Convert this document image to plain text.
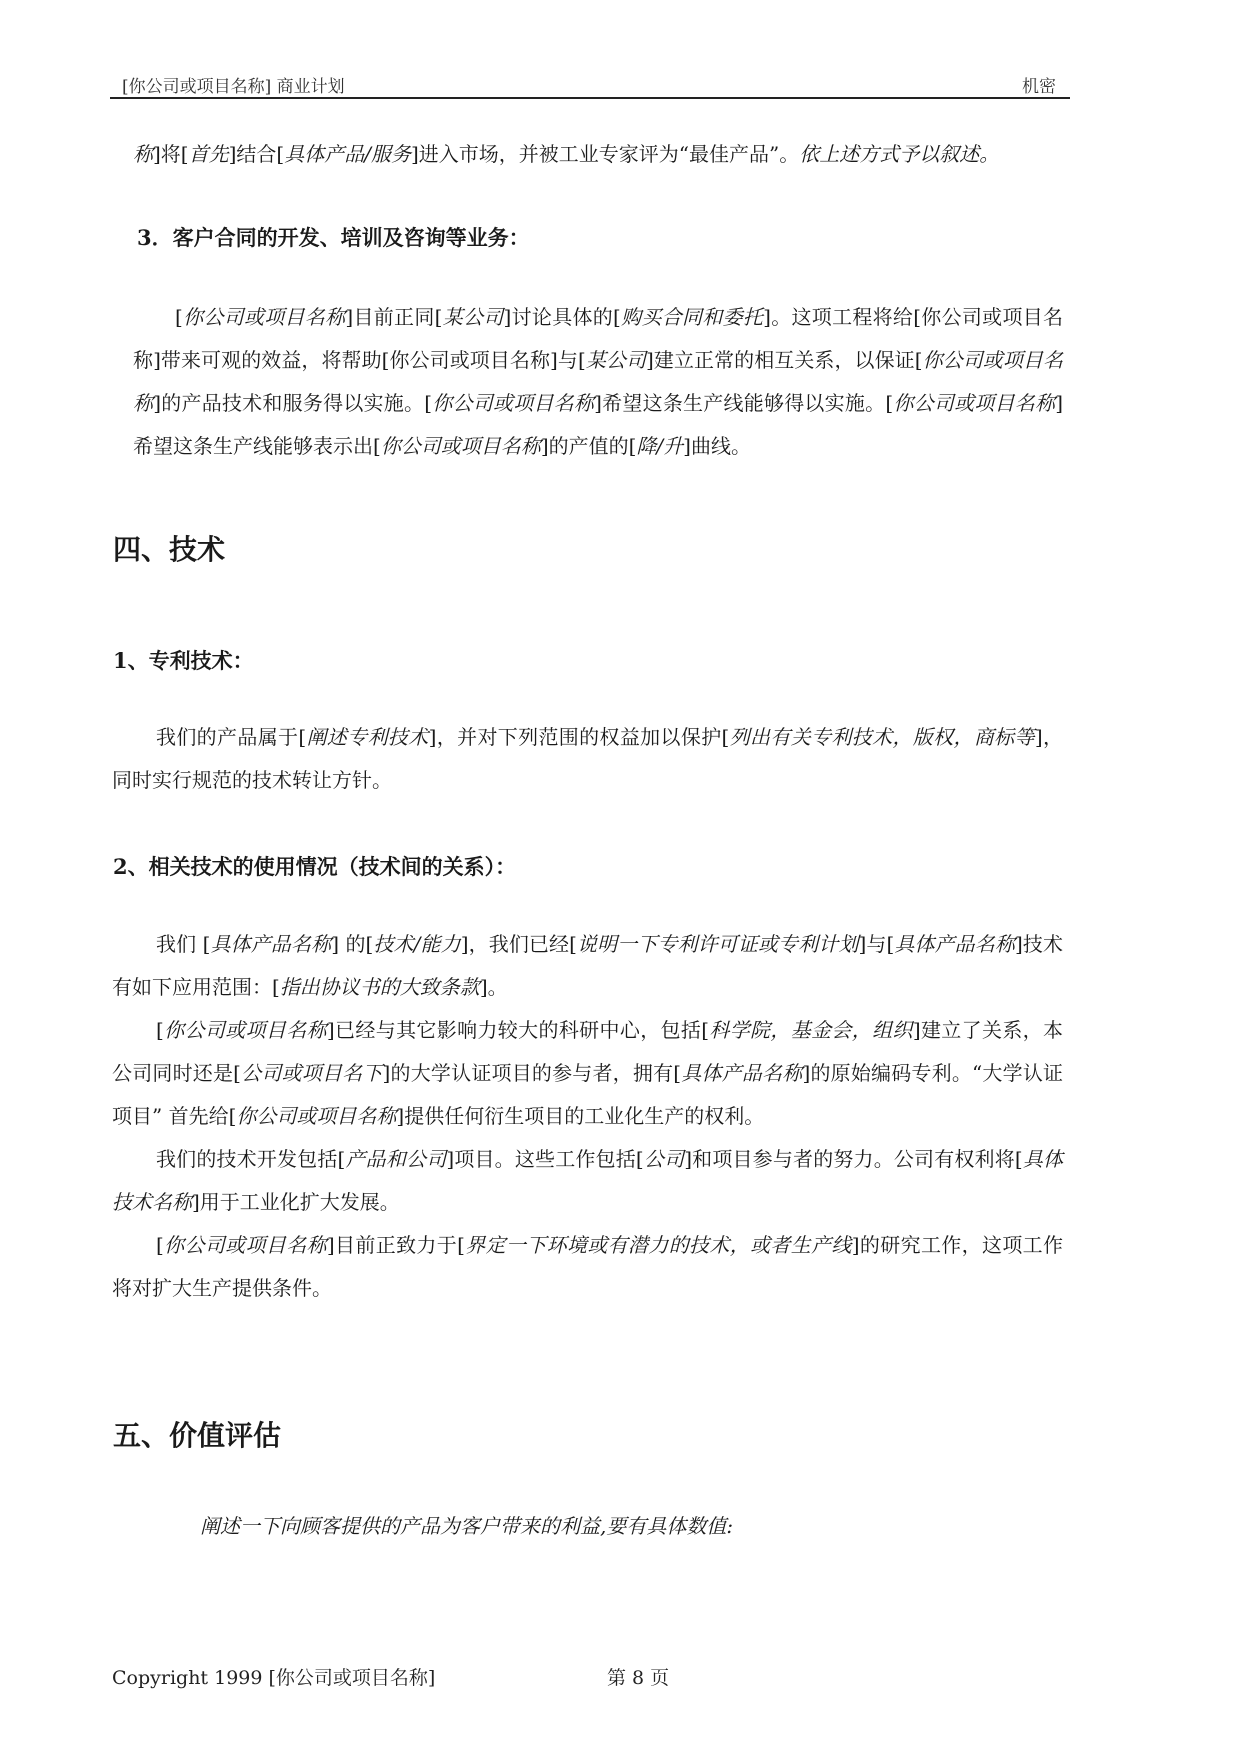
[你公司或项目名称] 商业计划	机密
称]将[首先]结合[具体产品/服务]进入市场，并被工业专家评为“最佳产品”。依上述方式予以叙述。
3．客户合同的开发、培训及咨询等业务：
[你公司或项目名称]目前正同[某公司]讨论具体的[购买合同和委托]。这项工程将给[你公司或项目名称]带来可观的效益，将帮助[你公司或项目名称]与[某公司]建立正常的相互关系，以保证[你公司或项目名称]的产品技术和服务得以实施。[你公司或项目名称]希望这条生产线能够得以实施。[你公司或项目名称]希望这条生产线能够表示出[你公司或项目名称]的产值的[降/升]曲线。
四、技术
1、专利技术：
我们的产品属于[阐述专利技术]，并对下列范围的权益加以保护[列出有关专利技术，版权，商标等]，同时实行规范的技术转让方针。
2、相关技术的使用情况（技术间的关系）：
我们 [具体产品名称] 的[技术/能力]，我们已经[说明一下专利许可证或专利计划]与[具体产品名称]技术有如下应用范围：[指出协议书的大致条款]。
[你公司或项目名称]已经与其它影响力较大的科研中心，包括[科学院，基金会，组织]建立了关系，本公司同时还是[公司或项目名下]的大学认证项目的参与者，拥有[具体产品名称]的原始编码专利。“大学认证项目” 首先给[你公司或项目名称]提供任何衍生项目的工业化生产的权利。
我们的技术开发包括[产品和公司]项目。这些工作包括[公司]和项目参与者的努力。公司有权利将[具体技术名称]用于工业化扩大发展。
[你公司或项目名称]目前正致力于[界定一下环境或有潜力的技术，或者生产线]的研究工作，这项工作将对扩大生产提供条件。
五、价值评估
阐述一下向顾客提供的产品为客户带来的利益,要有具体数值:
Copyright 1999 [你公司或项目名称]	第 8 页
